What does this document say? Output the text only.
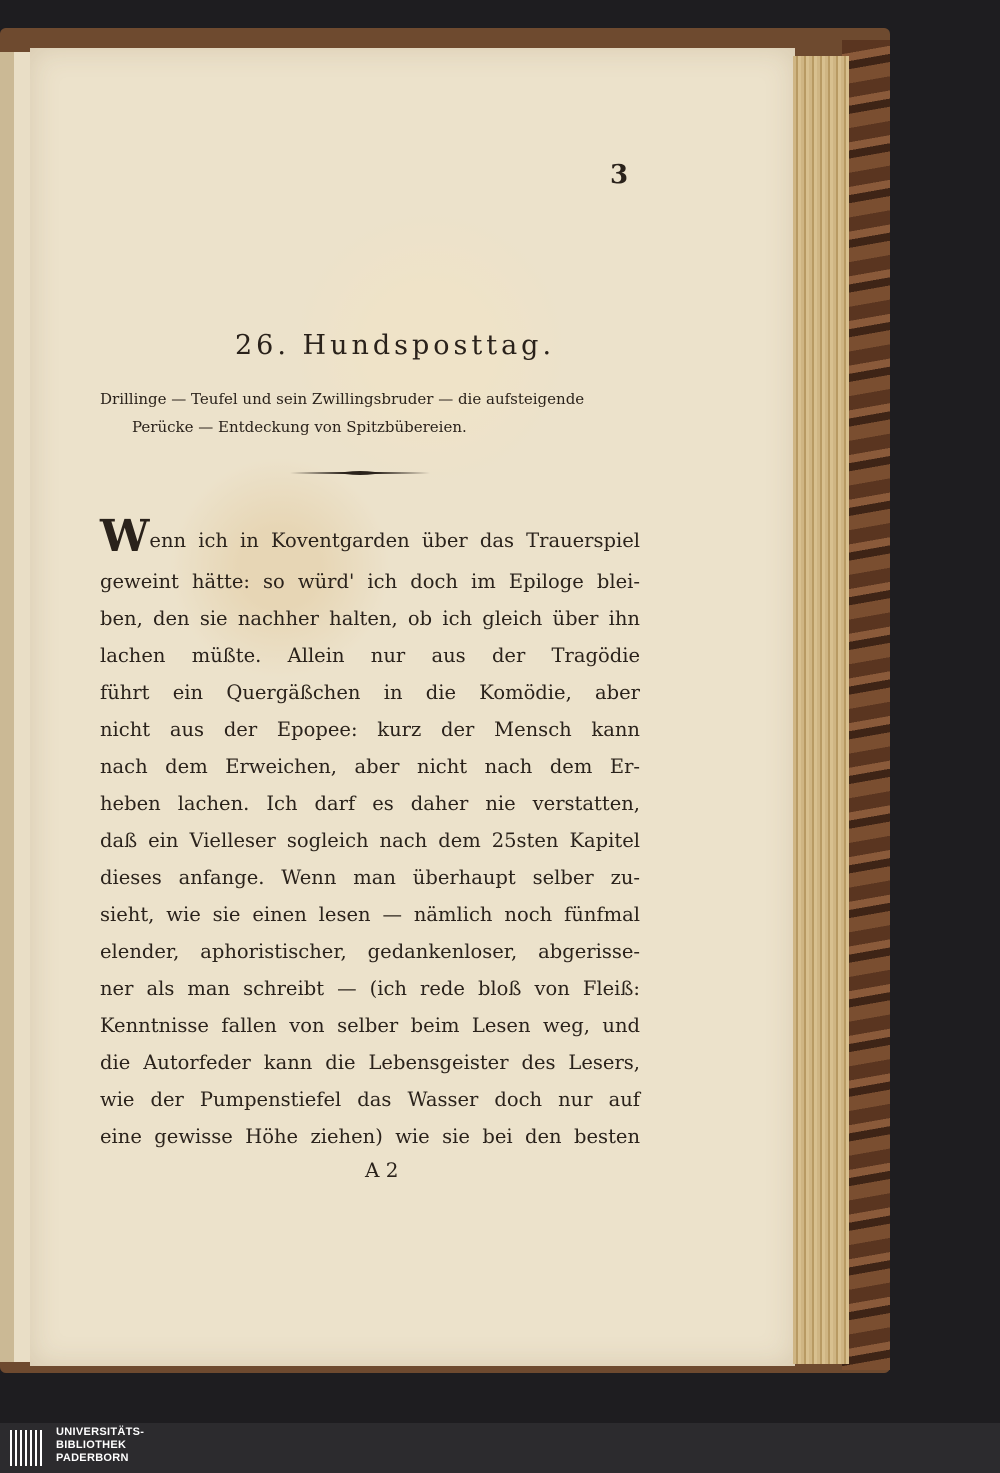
3
26. Hundsposttag.
Drillinge — Teufel und sein Zwillingsbruder — die aufsteigende
Perücke — Entdeckung von Spitzbübereien.
Wenn ich in Koventgarden über das Trauerspiel
geweint hätte: so würd' ich doch im Epiloge blei-
ben, den sie nachher halten, ob ich gleich über ihn
lachen müßte. Allein nur aus der Tragödie
führt ein Quergäßchen in die Komödie, aber
nicht aus der Epopee: kurz der Mensch kann
nach dem Erweichen, aber nicht nach dem Er-
heben lachen. Ich darf es daher nie verstatten,
daß ein Vielleser sogleich nach dem 25sten Kapitel
dieses anfange. Wenn man überhaupt selber zu-
sieht, wie sie einen lesen — nämlich noch fünfmal
elender, aphoristischer, gedankenloser, abgerisse-
ner als man schreibt — (ich rede bloß von Fleiß:
Kenntnisse fallen von selber beim Lesen weg, und
die Autorfeder kann die Lebensgeister des Lesers,
wie der Pumpenstiefel das Wasser doch nur auf
eine gewisse Höhe ziehen) wie sie bei den besten
A 2
UNIVERSITÄTS-
BIBLIOTHEK
PADERBORN
